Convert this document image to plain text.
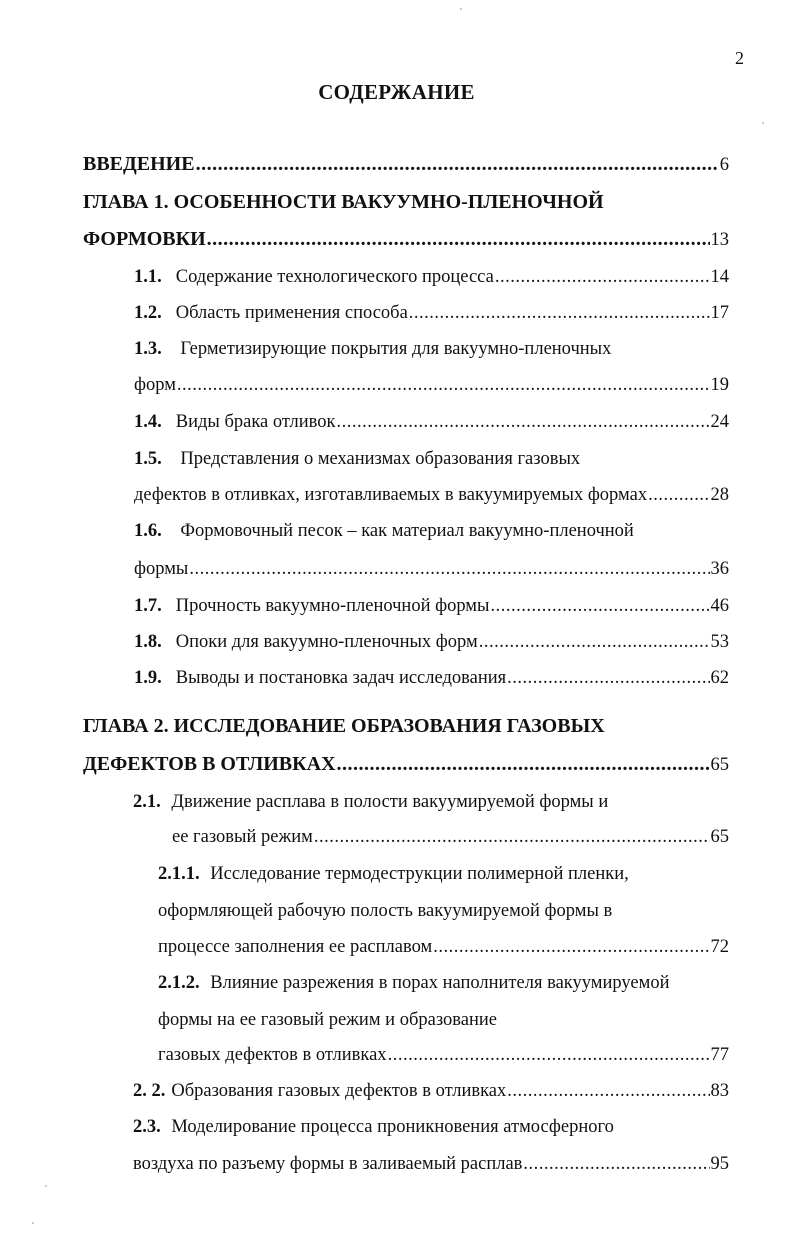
2
СОДЕРЖАНИЕ
ВВЕДЕНИЕ .....	6
ГЛАВА 1. ОСОБЕННОСТИ ВАКУУМНО-ПЛЕНОЧНОЙ
ФОРМОВКИ .....	13
1.1. Содержание технологического процесса .....	14
1.2. Область применения способа .....	17
1.3. Герметизирующие покрытия для вакуумно-пленочных
форм .....	19
1.4. Виды брака отливок .....	24
1.5. Представления о механизмах образования газовых
дефектов в отливках, изготавливаемых в вакуумируемых формах .....	28
1.6. Формовочный песок – как материал вакуумно-пленочной
формы .....	36
1.7. Прочность вакуумно-пленочной формы .....	46
1.8. Опоки для вакуумно-пленочных форм .....	53
1.9. Выводы и постановка задач исследования .....	62
ГЛАВА 2. ИССЛЕДОВАНИЕ ОБРАЗОВАНИЯ ГАЗОВЫХ
ДЕФЕКТОВ В ОТЛИВКАХ .....	65
2.1. Движение расплава в полости вакуумируемой формы и
ее газовый режим .....	65
2.1.1. Исследование термодеструкции полимерной пленки,
оформляющей рабочую полость вакуумируемой формы в
процессе заполнения ее расплавом .....	72
2.1.2. Влияние разрежения в порах наполнителя вакуумируемой
формы на ее газовый режим и образование
газовых дефектов в отливках .....	77
2. 2. Образования газовых дефектов в отливках .....	83
2.3. Моделирование процесса проникновения атмосферного
воздуха по разъему формы в заливаемый расплав .....	95
